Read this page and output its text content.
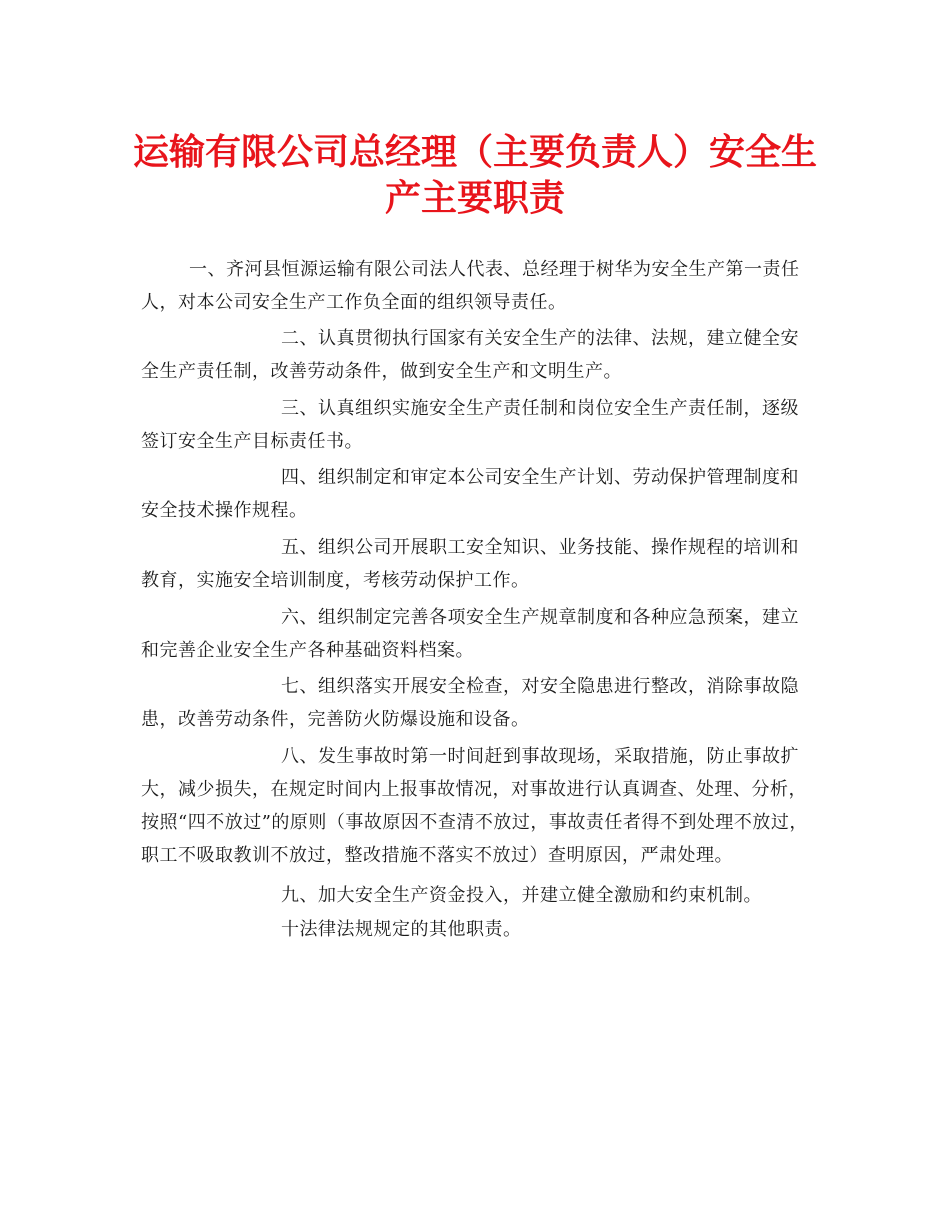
运输有限公司总经理（主要负责人）安全生
产主要职责
一、齐河县恒源运输有限公司法人代表、总经理于树华为安全生产第一责任
人，对本公司安全生产工作负全面的组织领导责任。
二、认真贯彻执行国家有关安全生产的法律、法规，建立健全安
全生产责任制，改善劳动条件，做到安全生产和文明生产。
三、认真组织实施安全生产责任制和岗位安全生产责任制，逐级
签订安全生产目标责任书。
四、组织制定和审定本公司安全生产计划、劳动保护管理制度和
安全技术操作规程。
五、组织公司开展职工安全知识、业务技能、操作规程的培训和
教育，实施安全培训制度，考核劳动保护工作。
六、组织制定完善各项安全生产规章制度和各种应急预案，建立
和完善企业安全生产各种基础资料档案。
七、组织落实开展安全检查，对安全隐患进行整改，消除事故隐
患，改善劳动条件，完善防火防爆设施和设备。
八、发生事故时第一时间赶到事故现场，采取措施，防止事故扩
大，减少损失，在规定时间内上报事故情况，对事故进行认真调查、处理、分析，
按照“四不放过”的原则（事故原因不查清不放过，事故责任者得不到处理不放过，
职工不吸取教训不放过，整改措施不落实不放过）查明原因，严肃处理。
九、加大安全生产资金投入，并建立健全激励和约束机制。
十法律法规规定的其他职责。
